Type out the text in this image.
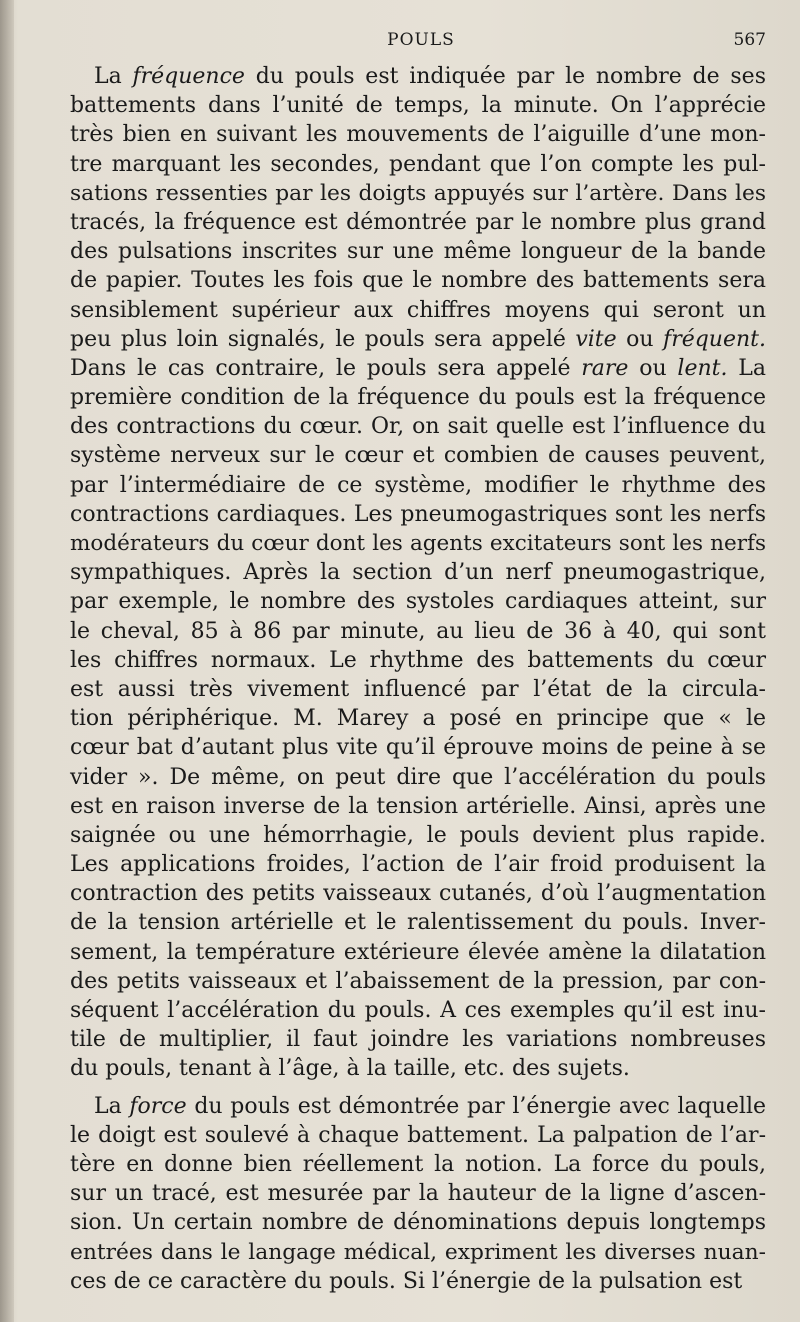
POULS	567
La fréquence du pouls est indiquée par le nombre de ses
battements dans l’unité de temps, la minute. On l’apprécie
très bien en suivant les mouvements de l’aiguille d’une mon-
tre marquant les secondes, pendant que l’on compte les pul-
sations ressenties par les doigts appuyés sur l’artère. Dans les
tracés, la fréquence est démontrée par le nombre plus grand
des pulsations inscrites sur une même longueur de la bande
de papier. Toutes les fois que le nombre des battements sera
sensiblement supérieur aux chiffres moyens qui seront un
peu plus loin signalés, le pouls sera appelé vite ou fréquent.
Dans le cas contraire, le pouls sera appelé rare ou lent. La
première condition de la fréquence du pouls est la fréquence
des contractions du cœur. Or, on sait quelle est l’influence du
système nerveux sur le cœur et combien de causes peuvent,
par l’intermédiaire de ce système, modifier le rhythme des
contractions cardiaques. Les pneumogastriques sont les nerfs
modérateurs du cœur dont les agents excitateurs sont les nerfs
sympathiques. Après la section d’un nerf pneumogastrique,
par exemple, le nombre des systoles cardiaques atteint, sur
le cheval, 85 à 86 par minute, au lieu de 36 à 40, qui sont
les chiffres normaux. Le rhythme des battements du cœur
est aussi très vivement influencé par l’état de la circula-
tion périphérique. M. Marey a posé en principe que « le
cœur bat d’autant plus vite qu’il éprouve moins de peine à se
vider ». De même, on peut dire que l’accélération du pouls
est en raison inverse de la tension artérielle. Ainsi, après une
saignée ou une hémorrhagie, le pouls devient plus rapide.
Les applications froides, l’action de l’air froid produisent la
contraction des petits vaisseaux cutanés, d’où l’augmentation
de la tension artérielle et le ralentissement du pouls. Inver-
sement, la température extérieure élevée amène la dilatation
des petits vaisseaux et l’abaissement de la pression, par con-
séquent l’accélération du pouls. A ces exemples qu’il est inu-
tile de multiplier, il faut joindre les variations nombreuses
du pouls, tenant à l’âge, à la taille, etc. des sujets.
La force du pouls est démontrée par l’énergie avec laquelle
le doigt est soulevé à chaque battement. La palpation de l’ar-
tère en donne bien réellement la notion. La force du pouls,
sur un tracé, est mesurée par la hauteur de la ligne d’ascen-
sion. Un certain nombre de dénominations depuis longtemps
entrées dans le langage médical, expriment les diverses nuan-
ces de ce caractère du pouls. Si l’énergie de la pulsation est
